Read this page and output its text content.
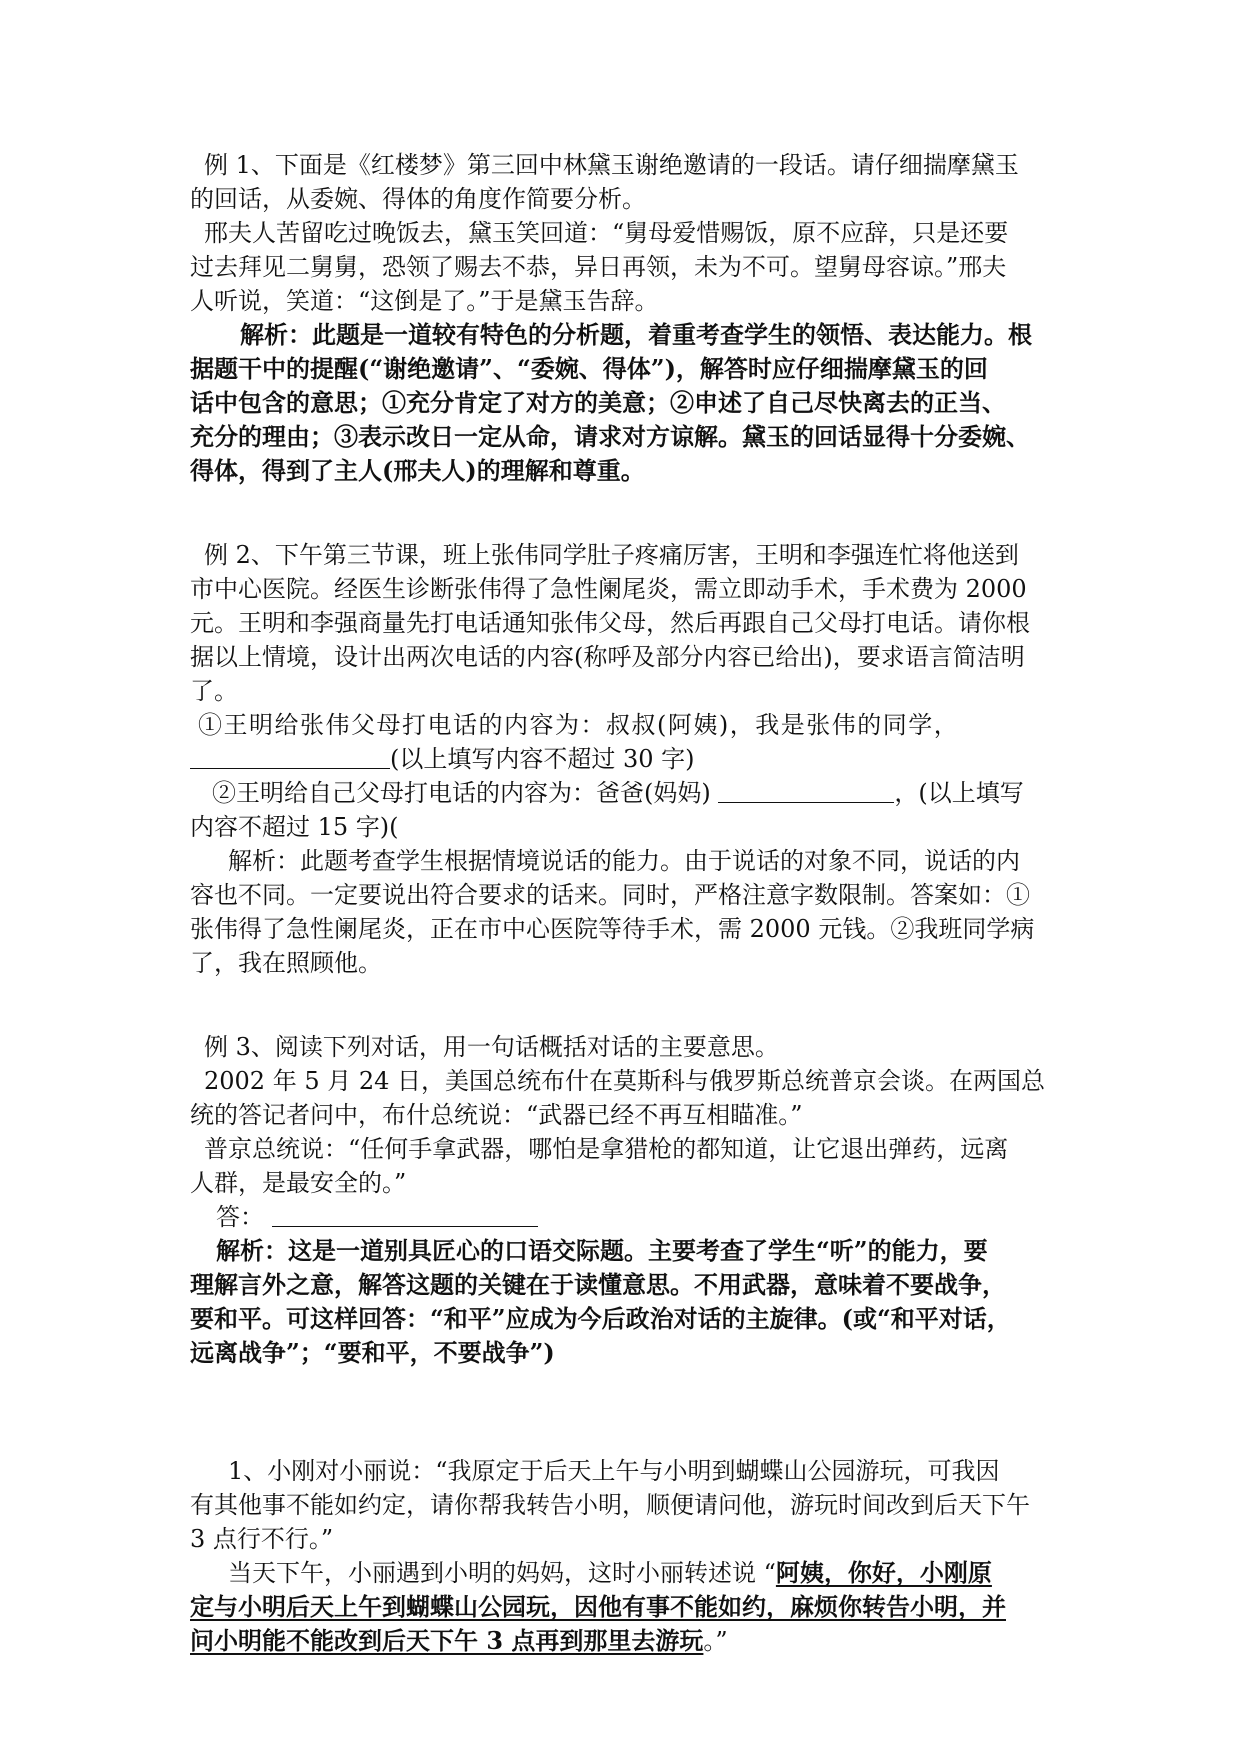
例 1、下面是《红楼梦》第三回中林黛玉谢绝邀请的一段话。请仔细揣摩黛玉
的回话，从委婉、得体的角度作简要分析。
邢夫人苦留吃过晚饭去，黛玉笑回道：“舅母爱惜赐饭，原不应辞，只是还要
过去拜见二舅舅，恐领了赐去不恭，异日再领，未为不可。望舅母容谅。”邢夫
人听说，笑道：“这倒是了。”于是黛玉告辞。
解析：此题是一道较有特色的分析题，着重考查学生的领悟、表达能力。根
据题干中的提醒(“谢绝邀请”、“委婉、得体”)，解答时应仔细揣摩黛玉的回
话中包含的意思；①充分肯定了对方的美意；②申述了自己尽快离去的正当、
充分的理由；③表示改日一定从命，请求对方谅解。黛玉的回话显得十分委婉、
得体，得到了主人(邢夫人)的理解和尊重。
例 2、下午第三节课，班上张伟同学肚子疼痛厉害，王明和李强连忙将他送到
市中心医院。经医生诊断张伟得了急性阑尾炎，需立即动手术，手术费为 2000
元。王明和李强商量先打电话通知张伟父母，然后再跟自己父母打电话。请你根
据以上情境，设计出两次电话的内容(称呼及部分内容已给出)，要求语言简洁明
了。
①王明给张伟父母打电话的内容为：叔叔(阿姨)，我是张伟的同学，
(以上填写内容不超过 30 字)
②王明给自己父母打电话的内容为：爸爸(妈妈)	，(以上填写
内容不超过 15 字)(
解析：此题考查学生根据情境说话的能力。由于说话的对象不同，说话的内
容也不同。一定要说出符合要求的话来。同时，严格注意字数限制。答案如：①
张伟得了急性阑尾炎，正在市中心医院等待手术，需 2000 元钱。②我班同学病
了，我在照顾他。
例 3、阅读下列对话，用一句话概括对话的主要意思。
2002 年 5 月 24 日，美国总统布什在莫斯科与俄罗斯总统普京会谈。在两国总
统的答记者问中，布什总统说：“武器已经不再互相瞄准。”
普京总统说：“任何手拿武器，哪怕是拿猎枪的都知道，让它退出弹药，远离
人群，是最安全的。”
答：
解析：这是一道别具匠心的口语交际题。主要考查了学生“听”的能力，要
理解言外之意，解答这题的关键在于读懂意思。不用武器，意味着不要战争，
要和平。可这样回答：“和平”应成为今后政治对话的主旋律。(或“和平对话，
远离战争”；“要和平，不要战争”)
1、小刚对小丽说：“我原定于后天上午与小明到蝴蝶山公园游玩，可我因
有其他事不能如约定，请你帮我转告小明，顺便请问他，游玩时间改到后天下午
3 点行不行。”
当天下午，小丽遇到小明的妈妈，这时小丽转述说 “阿姨，你好，小刚原
定与小明后天上午到蝴蝶山公园玩，因他有事不能如约，麻烦你转告小明，并
问小明能不能改到后天下午 3 点再到那里去游玩。”
